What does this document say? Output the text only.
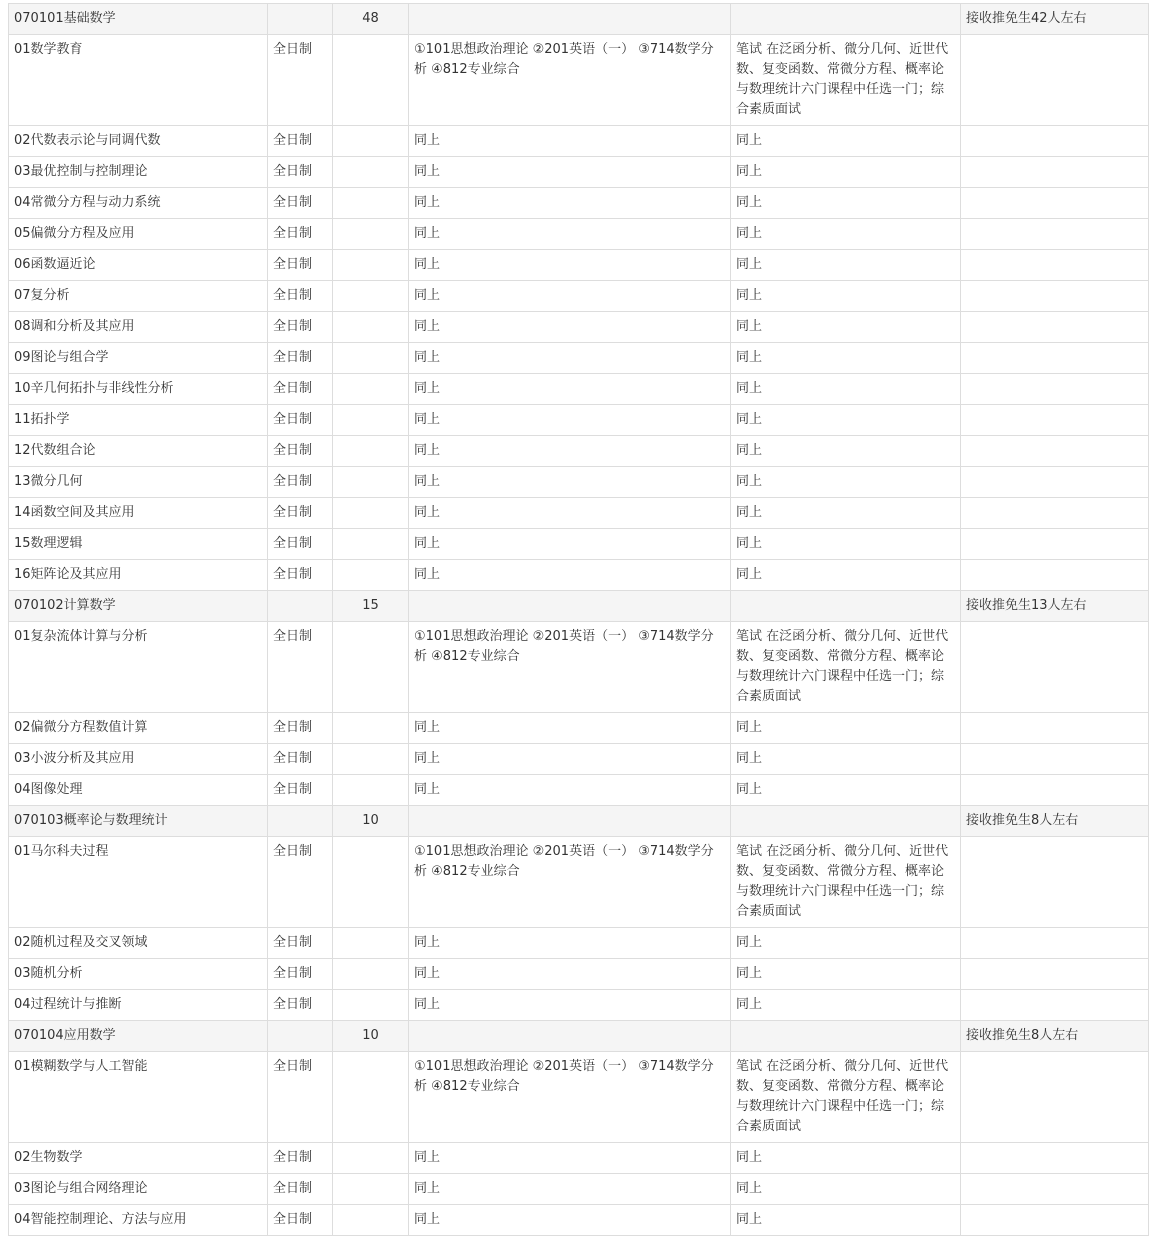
070101基础数学		48			接收推免生42人左右
01数学教育	全日制		①101思想政治理论 ②201英语（一） ③714数学分析 ④812专业综合	笔试 在泛函分析、微分几何、近世代数、复变函数、常微分方程、概率论与数理统计六门课程中任选一门；综合素质面试	
02代数表示论与同调代数	全日制		同上	同上	
03最优控制与控制理论	全日制		同上	同上	
04常微分方程与动力系统	全日制		同上	同上	
05偏微分方程及应用	全日制		同上	同上	
06函数逼近论	全日制		同上	同上	
07复分析	全日制		同上	同上	
08调和分析及其应用	全日制		同上	同上	
09图论与组合学	全日制		同上	同上	
10辛几何拓扑与非线性分析	全日制		同上	同上	
11拓扑学	全日制		同上	同上	
12代数组合论	全日制		同上	同上	
13微分几何	全日制		同上	同上	
14函数空间及其应用	全日制		同上	同上	
15数理逻辑	全日制		同上	同上	
16矩阵论及其应用	全日制		同上	同上	
070102计算数学		15			接收推免生13人左右
01复杂流体计算与分析	全日制		①101思想政治理论 ②201英语（一） ③714数学分析 ④812专业综合	笔试 在泛函分析、微分几何、近世代数、复变函数、常微分方程、概率论与数理统计六门课程中任选一门；综合素质面试	
02偏微分方程数值计算	全日制		同上	同上	
03小波分析及其应用	全日制		同上	同上	
04图像处理	全日制		同上	同上	
070103概率论与数理统计		10			接收推免生8人左右
01马尔科夫过程	全日制		①101思想政治理论 ②201英语（一） ③714数学分析 ④812专业综合	笔试 在泛函分析、微分几何、近世代数、复变函数、常微分方程、概率论与数理统计六门课程中任选一门；综合素质面试	
02随机过程及交叉领域	全日制		同上	同上	
03随机分析	全日制		同上	同上	
04过程统计与推断	全日制		同上	同上	
070104应用数学		10			接收推免生8人左右
01模糊数学与人工智能	全日制		①101思想政治理论 ②201英语（一） ③714数学分析 ④812专业综合	笔试 在泛函分析、微分几何、近世代数、复变函数、常微分方程、概率论与数理统计六门课程中任选一门；综合素质面试	
02生物数学	全日制		同上	同上	
03图论与组合网络理论	全日制		同上	同上	
04智能控制理论、方法与应用	全日制		同上	同上	
